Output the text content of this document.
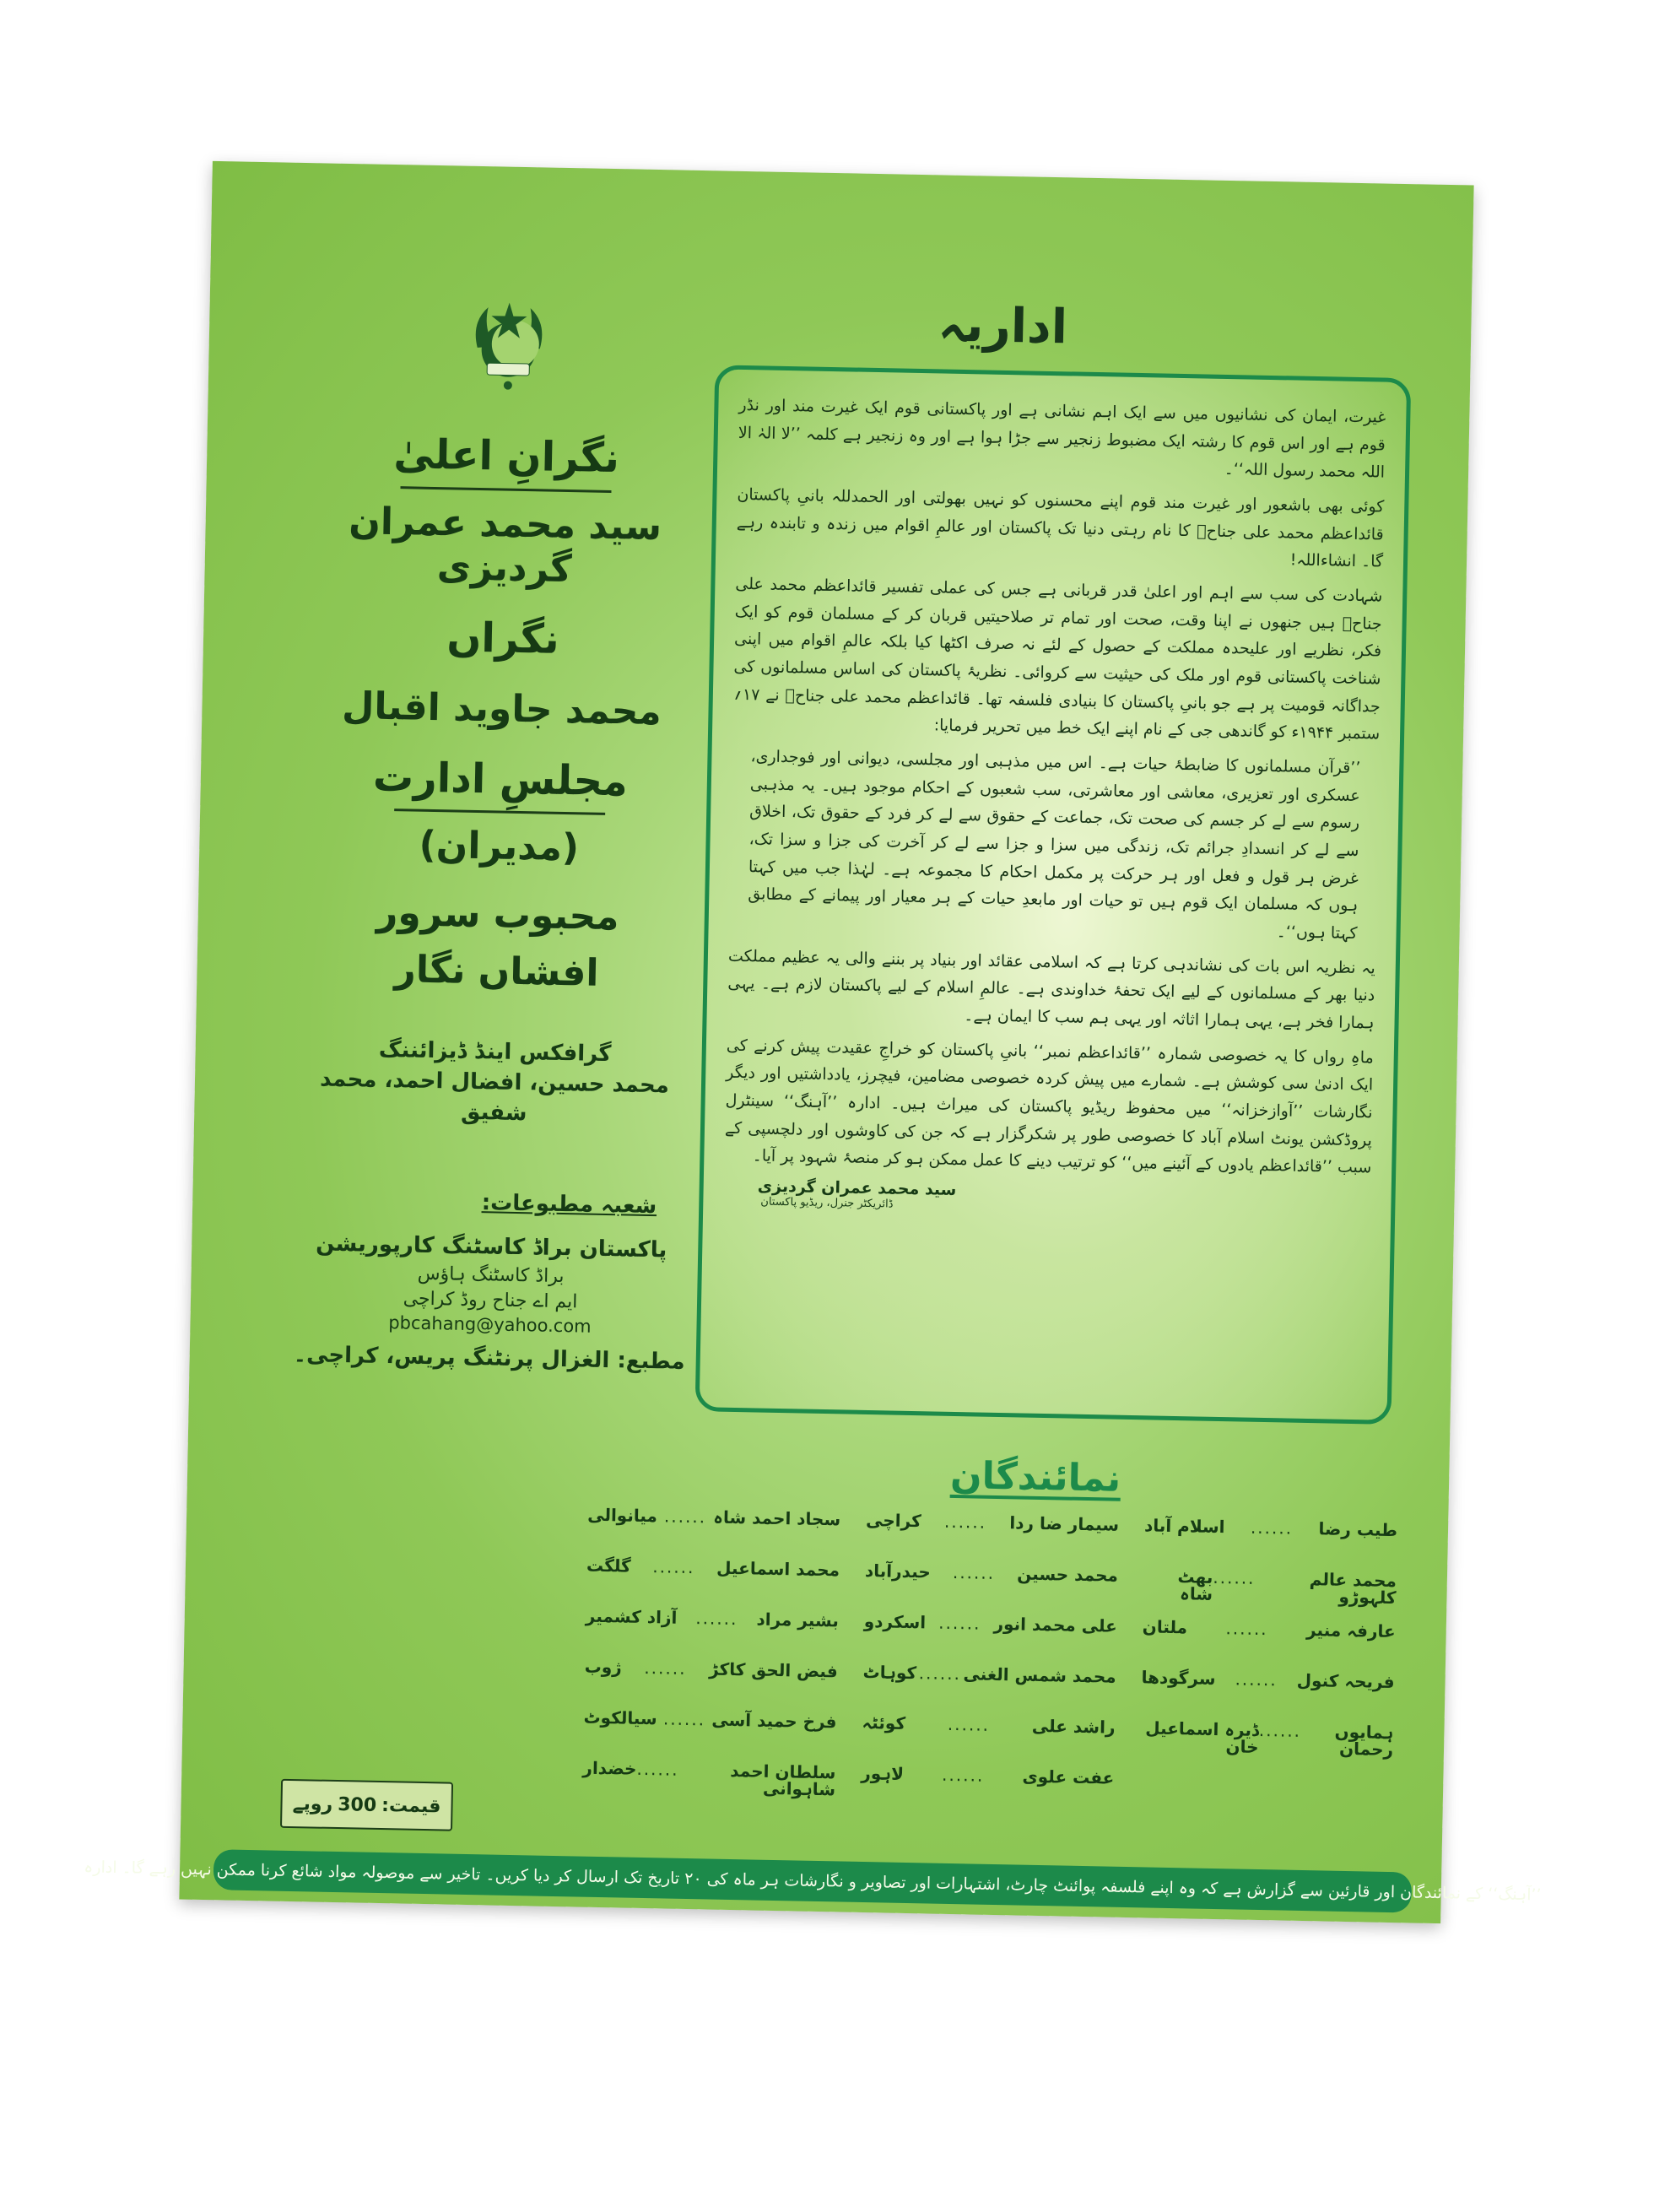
نگرانِ اعلیٰ

سید محمد عمران گردیزی

نگراں

محمد جاوید اقبال

مجلسِ ادارت

(مدیران)

محبوب سرور

افشاں نگار

گرافکس اینڈ ڈیزائننگ
محمد حسین، افضال احمد، محمد شفیق
شعبہ مطبوعات:
پاکستان براڈ کاسٹنگ کارپوریشن
براڈ کاسٹنگ ہاؤس
ایم اے جناح روڈ کراچی
pbcahang@yahoo.com
مطبع: الغزال پرنٹنگ پریس، کراچی۔
قیمت:
300
روپے
اداریہ

غیرت، ایمان کی نشانیوں میں سے ایک اہم نشانی ہے اور پاکستانی قوم ایک غیرت مند اور نڈر قوم ہے اور اس قوم کا رشتہ ایک مضبوط زنجیر سے جڑا ہوا ہے اور وہ زنجیر ہے کلمہ ’’لا الہٰ الا اللہ محمد رسول اللہ‘‘۔

کوئی بھی باشعور اور غیرت مند قوم اپنے محسنوں کو نہیں بھولتی اور الحمدللہ بانیِ پاکستان قائداعظم محمد علی جناحؒ کا نام رہتی دنیا تک پاکستان اور عالمِ اقوام میں زندہ و تابندہ رہے گا۔ انشاءاللہ!

شہادت کی سب سے اہم اور اعلیٰ قدر قربانی ہے جس کی عملی تفسیر قائداعظم محمد علی جناحؒ ہیں جنھوں نے اپنا وقت، صحت اور تمام تر صلاحیتیں قربان کر کے مسلمان قوم کو ایک فکر، نظریے اور علیحدہ مملکت کے حصول کے لئے نہ صرف اکٹھا کیا بلکہ عالمِ اقوام میں اپنی شناخت پاکستانی قوم اور ملک کی حیثیت سے کروائی۔ نظریۂ پاکستان کی اساس مسلمانوں کی جداگانہ قومیت پر ہے جو بانیِ پاکستان کا بنیادی فلسفہ تھا۔ قائداعظم محمد علی جناحؒ نے ۱۷؍ ستمبر ۱۹۴۴ء کو گاندھی جی کے نام اپنے ایک خط میں تحریر فرمایا:

’’قرآن مسلمانوں کا ضابطۂ حیات ہے۔ اس میں مذہبی اور مجلسی، دیوانی اور فوجداری، عسکری اور تعزیری، معاشی اور معاشرتی، سب شعبوں کے احکام موجود ہیں۔ یہ مذہبی رسوم سے لے کر جسم کی صحت تک، جماعت کے حقوق سے لے کر فرد کے حقوق تک، اخلاق سے لے کر انسدادِ جرائم تک، زندگی میں سزا و جزا سے لے کر آخرت کی جزا و سزا تک، غرض ہر قول و فعل اور ہر حرکت پر مکمل احکام کا مجموعہ ہے۔ لہٰذا جب میں کہتا ہوں کہ مسلمان ایک قوم ہیں تو حیات اور مابعدِ حیات کے ہر معیار اور پیمانے کے مطابق کہتا ہوں‘‘۔

یہ نظریہ اس بات کی نشاندہی کرتا ہے کہ اسلامی عقائد اور بنیاد پر بننے والی یہ عظیم مملکت دنیا بھر کے مسلمانوں کے لیے ایک تحفۂ خداوندی ہے۔ عالمِ اسلام کے لیے پاکستان لازم ہے۔ یہی ہمارا فخر ہے، یہی ہمارا اثاثہ اور یہی ہم سب کا ایمان ہے۔

ماہِ رواں کا یہ خصوصی شمارہ ’’قائداعظم نمبر‘‘ بانیِ پاکستان کو خراجِ عقیدت پیش کرنے کی ایک ادنیٰ سی کوشش ہے۔ شمارے میں پیش کردہ خصوصی مضامین، فیچرز، یادداشتیں اور دیگر نگارشات ’’آوازخزانہ‘‘ میں محفوظ ریڈیو پاکستان کی میراث ہیں۔ ادارہ ’’آہنگ‘‘ سینٹرل پروڈکشن یونٹ اسلام آباد کا خصوصی طور پر شکرگزار ہے کہ جن کی کاوشوں اور دلچسپی کے سبب ’’قائداعظم یادوں کے آئینے میں‘‘ کو ترتیب دینے کا عمل ممکن ہو کر منصۂ شہود پر آیا۔

سید محمد عمران گردیزی
ڈائریکٹر جنرل، ریڈیو پاکستان
نمائندگان
طیب رضا
......
اسلام آباد
محمد عالم کلہوڑو
......
بھٹ شاہ
عارفہ منیر
......
ملتان
فریحہ کنول
......
سرگودھا
ہمایوں رحمان
......
ڈیرہ اسماعیل خان
سیمار ضا ردا
......
کراچی
محمد حسین
......
حیدرآباد
علی محمد انور
......
اسکردو
محمد شمس الغنی
......
کوہاٹ
راشد علی
......
کوئٹہ
عفت علوی
......
لاہور
سجاد احمد شاہ
......
میانوالی
محمد اسماعیل
......
گلگت
بشیر مراد
......
آزاد کشمیر
فیض الحق کاکڑ
......
ژوب
فرخ حمید آسی
......
سیالکوٹ
سلطان احمد شاہوانی
......
خضدار
’’آہنگ‘‘ کے نمائندگان اور قارئین سے گزارش ہے کہ وہ اپنے فلسفہ پوائنٹ چارٹ، اشتہارات اور تصاویر و نگارشات ہر ماہ کی ۲۰ تاریخ تک ارسال کر دیا کریں۔ تاخیر سے موصولہ مواد شائع کرنا ممکن نہیں رہے گا۔ ادارہ
